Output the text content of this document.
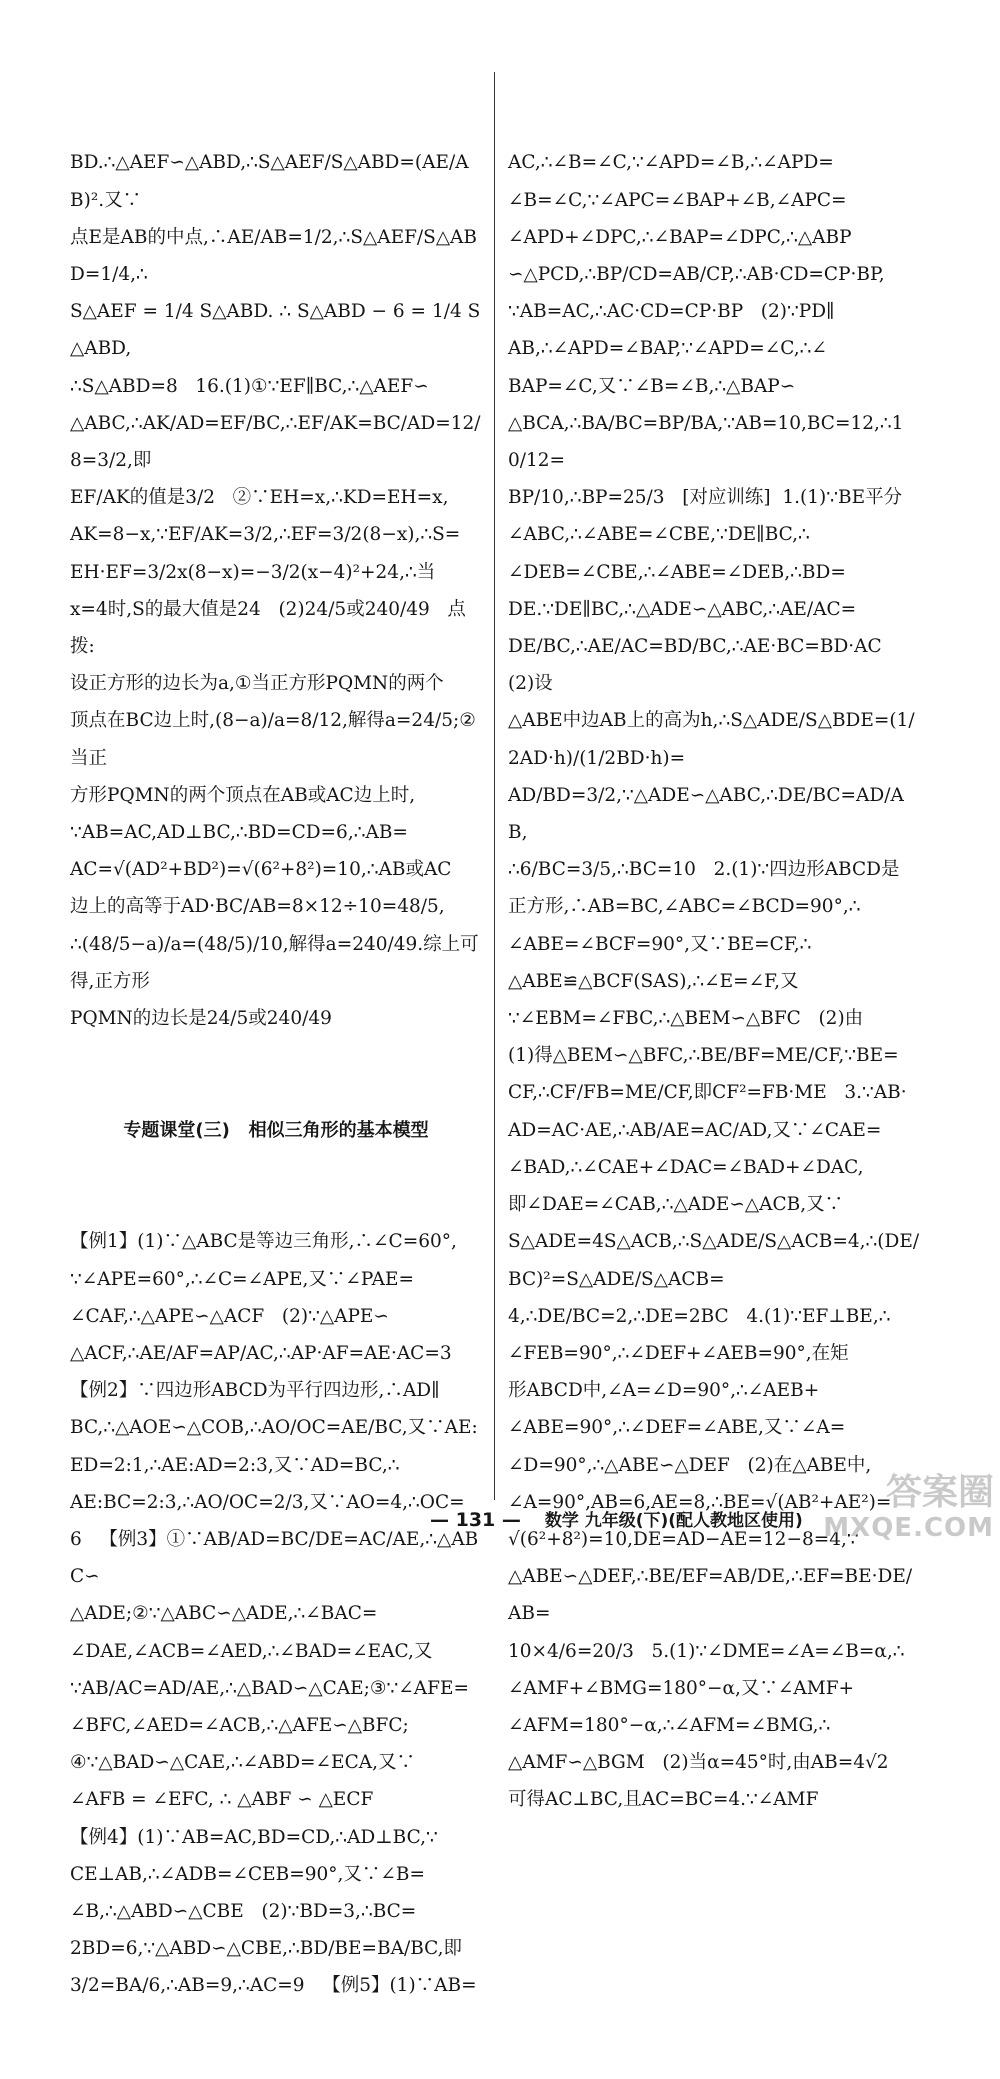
BD.∴△AEF∽△ABD,∴S△AEF/S△ABD=(AE/AB)².又∵
点E是AB的中点,∴AE/AB=1/2,∴S△AEF/S△ABD=1/4,∴
S△AEF = 1/4 S△ABD. ∴ S△ABD − 6 = 1/4 S△ABD,
∴S△ABD=8   16.(1)①∵EF∥BC,∴△AEF∽
△ABC,∴AK/AD=EF/BC,∴EF/AK=BC/AD=12/8=3/2,即
EF/AK的值是3/2   ②∵EH=x,∴KD=EH=x,
AK=8−x,∵EF/AK=3/2,∴EF=3/2(8−x),∴S=
EH·EF=3/2x(8−x)=−3/2(x−4)²+24,∴当
x=4时,S的最大值是24   (2)24/5或240/49   点拨:
设正方形的边长为a,①当正方形PQMN的两个
顶点在BC边上时,(8−a)/a=8/12,解得a=24/5;②当正
方形PQMN的两个顶点在AB或AC边上时,
∵AB=AC,AD⊥BC,∴BD=CD=6,∴AB=
AC=√(AD²+BD²)=√(6²+8²)=10,∴AB或AC
边上的高等于AD·BC/AB=8×12÷10=48/5,
∴(48/5−a)/a=(48/5)/10,解得a=240/49.综上可得,正方形
PQMN的边长是24/5或240/49

专题课堂(三)   相似三角形的基本模型

【例1】(1)∵△ABC是等边三角形,∴∠C=60°,
∵∠APE=60°,∴∠C=∠APE,又∵∠PAE=
∠CAF,∴△APE∽△ACF   (2)∵△APE∽
△ACF,∴AE/AF=AP/AC,∴AP·AF=AE·AC=3
【例2】∵四边形ABCD为平行四边形,∴AD∥
BC,∴△AOE∽△COB,∴AO/OC=AE/BC,又∵AE:
ED=2:1,∴AE:AD=2:3,又∵AD=BC,∴
AE:BC=2:3,∴AO/OC=2/3,又∵AO=4,∴OC=
6   【例3】①∵AB/AD=BC/DE=AC/AE,∴△ABC∽
△ADE;②∵△ABC∽△ADE,∴∠BAC=
∠DAE,∠ACB=∠AED,∴∠BAD=∠EAC,又
∵AB/AC=AD/AE,∴△BAD∽△CAE;③∵∠AFE=
∠BFC,∠AED=∠ACB,∴△AFE∽△BFC;
④∵△BAD∽△CAE,∴∠ABD=∠ECA,又∵
∠AFB = ∠EFC, ∴ △ABF ∽ △ECF
【例4】(1)∵AB=AC,BD=CD,∴AD⊥BC,∵
CE⊥AB,∴∠ADB=∠CEB=90°,又∵∠B=
∠B,∴△ABD∽△CBE   (2)∵BD=3,∴BC=
2BD=6,∵△ABD∽△CBE,∴BD/BE=BA/BC,即
3/2=BA/6,∴AB=9,∴AC=9   【例5】(1)∵AB=

AC,∴∠B=∠C,∵∠APD=∠B,∴∠APD=
∠B=∠C,∵∠APC=∠BAP+∠B,∠APC=
∠APD+∠DPC,∴∠BAP=∠DPC,∴△ABP
∽△PCD,∴BP/CD=AB/CP,∴AB·CD=CP·BP,
∵AB=AC,∴AC·CD=CP·BP   (2)∵PD∥
AB,∴∠APD=∠BAP,∵∠APD=∠C,∴∠
BAP=∠C,又∵∠B=∠B,∴△BAP∽
△BCA,∴BA/BC=BP/BA,∵AB=10,BC=12,∴10/12=
BP/10,∴BP=25/3   [对应训练]  1.(1)∵BE平分
∠ABC,∴∠ABE=∠CBE,∵DE∥BC,∴
∠DEB=∠CBE,∴∠ABE=∠DEB,∴BD=
DE.∵DE∥BC,∴△ADE∽△ABC,∴AE/AC=
DE/BC,∴AE/AC=BD/BC,∴AE·BC=BD·AC   (2)设
△ABE中边AB上的高为h,∴S△ADE/S△BDE=(1/2AD·h)/(1/2BD·h)=
AD/BD=3/2,∵△ADE∽△ABC,∴DE/BC=AD/AB,
∴6/BC=3/5,∴BC=10   2.(1)∵四边形ABCD是
正方形,∴AB=BC,∠ABC=∠BCD=90°,∴
∠ABE=∠BCF=90°,又∵BE=CF,∴
△ABE≌△BCF(SAS),∴∠E=∠F,又
∵∠EBM=∠FBC,∴△BEM∽△BFC   (2)由
(1)得△BEM∽△BFC,∴BE/BF=ME/CF,∵BE=
CF,∴CF/FB=ME/CF,即CF²=FB·ME   3.∵AB·
AD=AC·AE,∴AB/AE=AC/AD,又∵∠CAE=
∠BAD,∴∠CAE+∠DAC=∠BAD+∠DAC,
即∠DAE=∠CAB,∴△ADE∽△ACB,又∵
S△ADE=4S△ACB,∴S△ADE/S△ACB=4,∴(DE/BC)²=S△ADE/S△ACB=
4,∴DE/BC=2,∴DE=2BC   4.(1)∵EF⊥BE,∴
∠FEB=90°,∴∠DEF+∠AEB=90°,在矩
形ABCD中,∠A=∠D=90°,∴∠AEB+
∠ABE=90°,∴∠DEF=∠ABE,又∵∠A=
∠D=90°,∴△ABE∽△DEF   (2)在△ABE中,
∠A=90°,AB=6,AE=8,∴BE=√(AB²+AE²)=
√(6²+8²)=10,DE=AD−AE=12−8=4,∵
△ABE∽△DEF,∴BE/EF=AB/DE,∴EF=BE·DE/AB=
10×4/6=20/3   5.(1)∵∠DME=∠A=∠B=α,∴
∠AMF+∠BMG=180°−α,又∵∠AMF+
∠AFM=180°−α,∴∠AFM=∠BMG,∴
△AMF∽△BGM   (2)当α=45°时,由AB=4√2
可得AC⊥BC,且AC=BC=4.∵∠AMF

— 131 — 数学 九年级(下)(配人教地区使用)
答案圈
MXQE.COM
